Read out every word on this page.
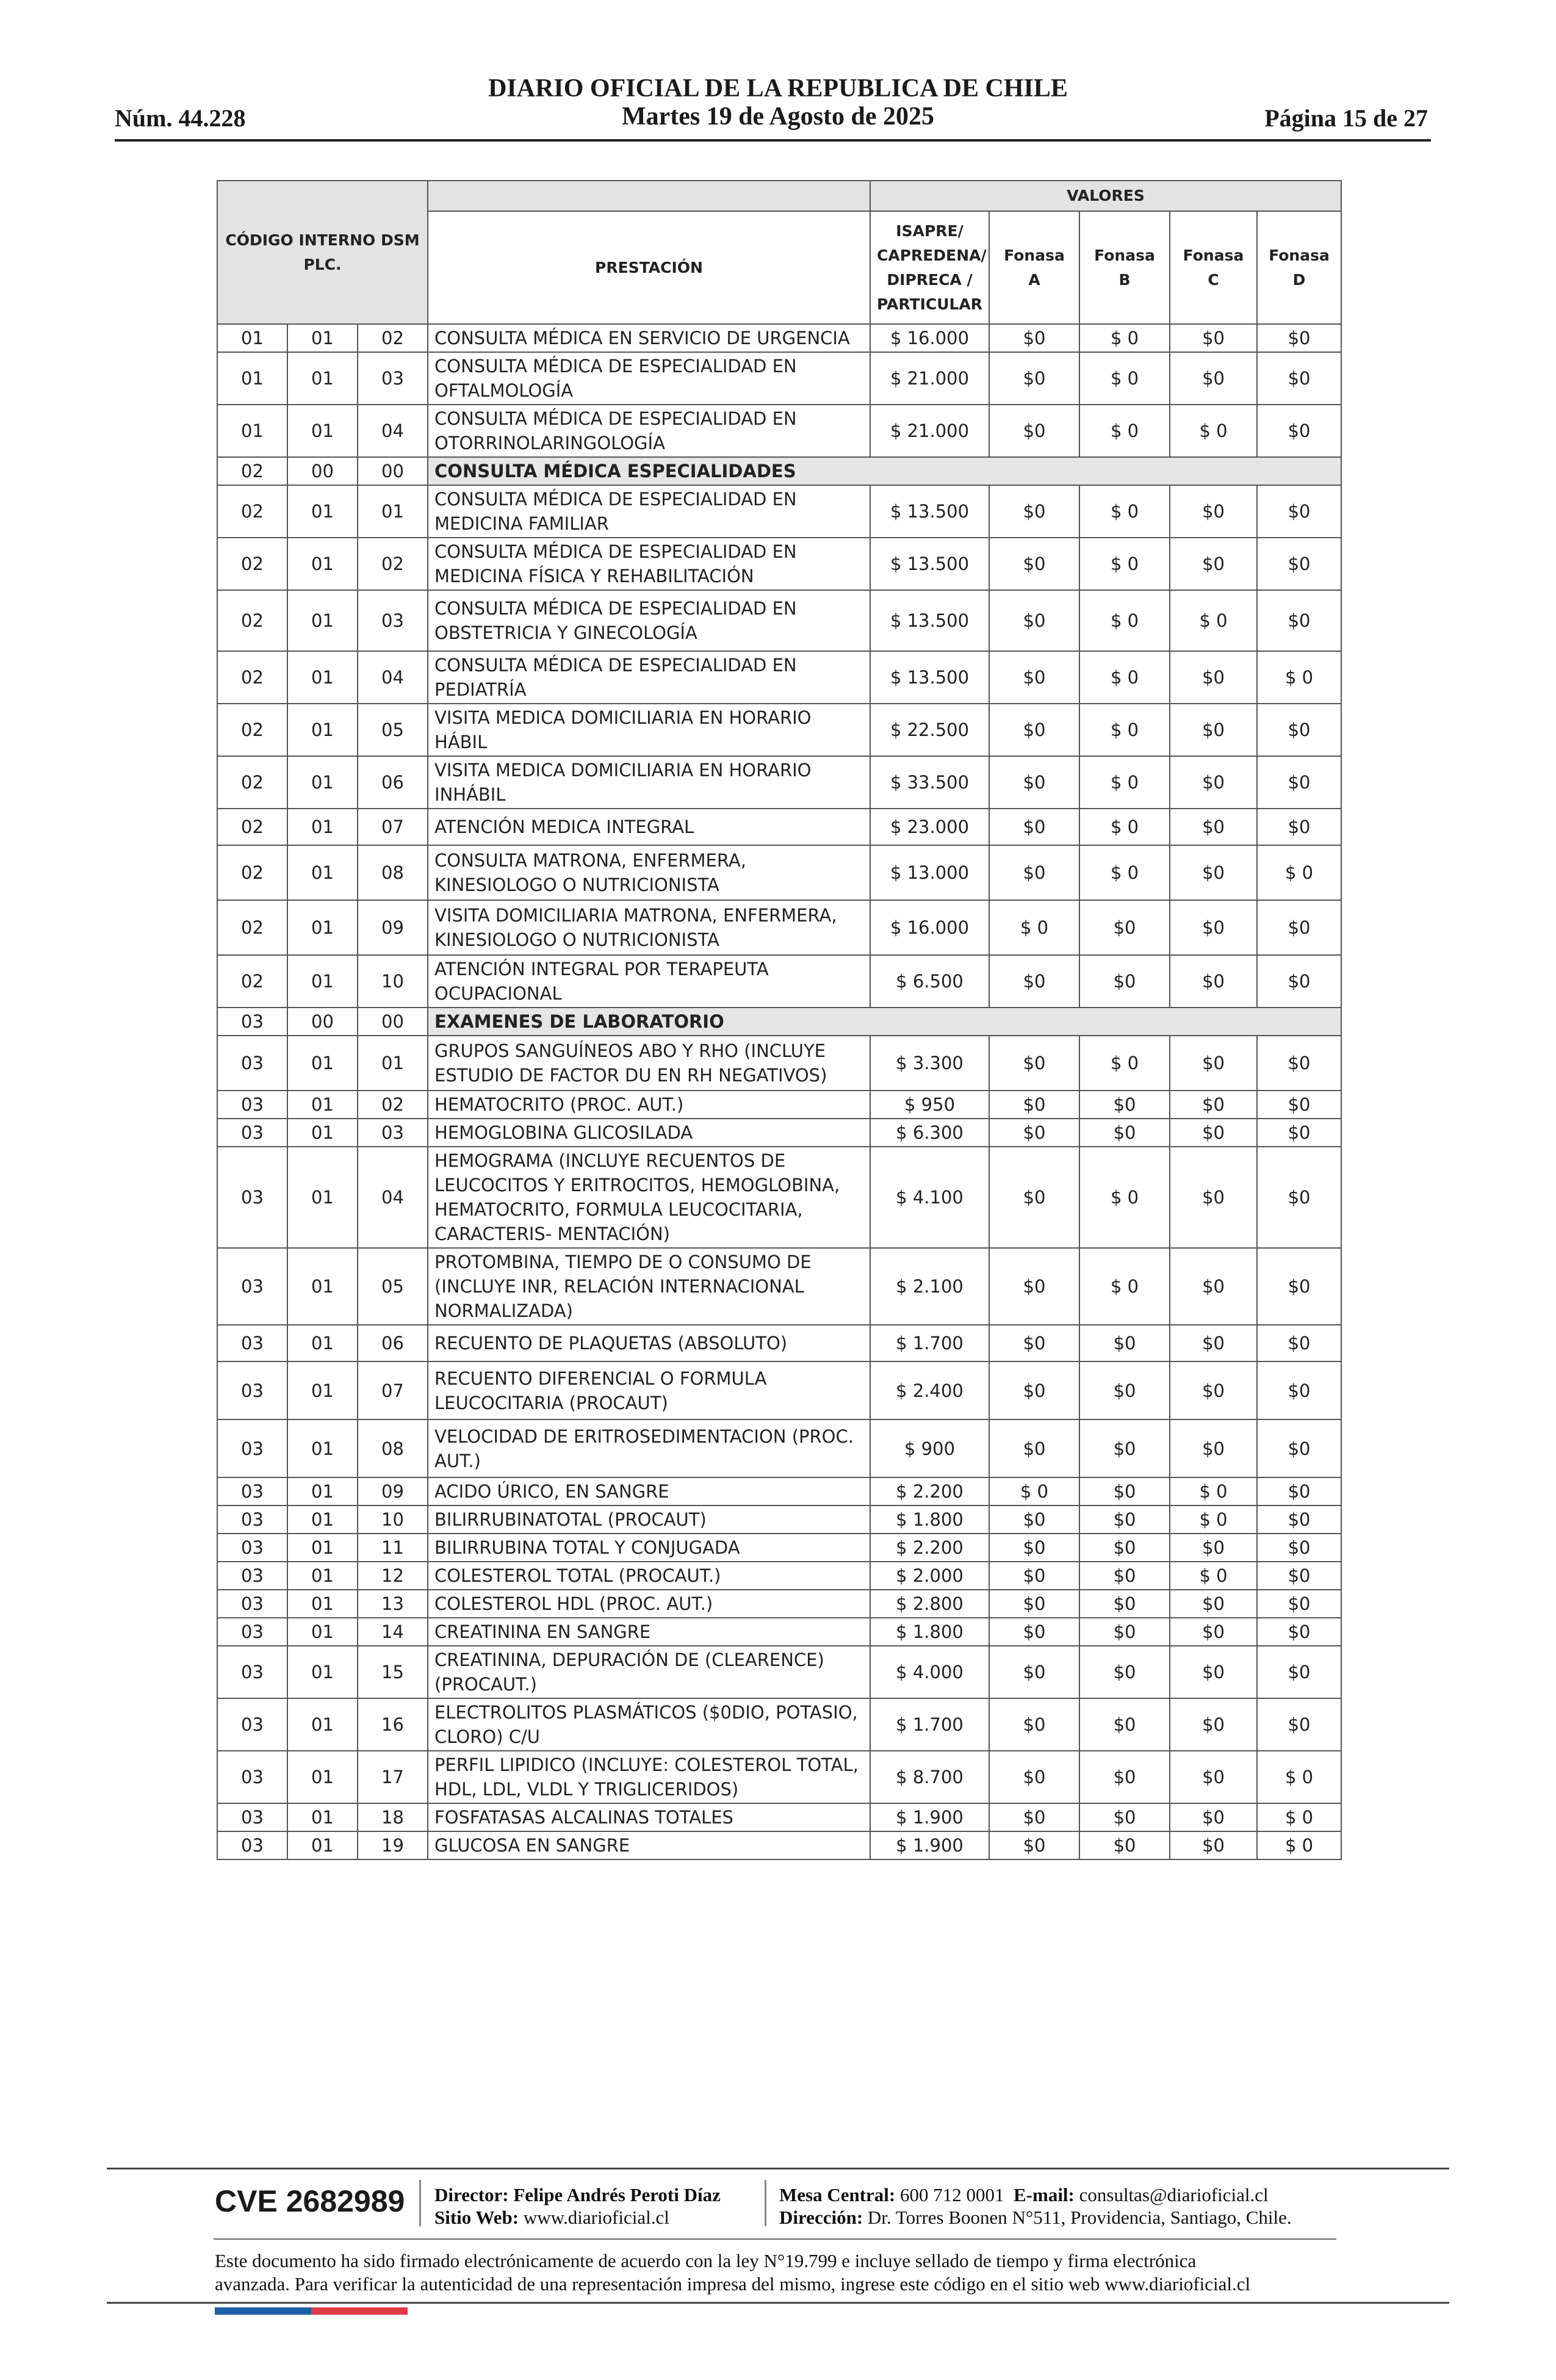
DIARIO OFICIAL DE LA REPUBLICA DE CHILE
Martes 19 de Agosto de 2025
Núm. 44.228	Página 15 de 27
CÓDIGO INTERNO DSM PLC.				VALORES				
			PRESTACIÓN	ISAPRE/ CAPREDENA/ DIPRECA / PARTICULAR	Fonasa A	Fonasa B	Fonasa C	Fonasa D
01	01	02	CONSULTA MÉDICA EN SERVICIO DE URGENCIA	$ 16.000	$0	$ 0	$0	$0
01	01	03	CONSULTA MÉDICA DE ESPECIALIDAD EN OFTALMOLOGÍA	$ 21.000	$0	$ 0	$0	$0
01	01	04	CONSULTA MÉDICA DE ESPECIALIDAD EN OTORRINOLARINGOLOGÍA	$ 21.000	$0	$ 0	$ 0	$0
02	00	00	CONSULTA MÉDICA ESPECIALIDADES					
02	01	01	CONSULTA MÉDICA DE ESPECIALIDAD EN MEDICINA FAMILIAR	$ 13.500	$0	$ 0	$0	$0
02	01	02	CONSULTA MÉDICA DE ESPECIALIDAD EN MEDICINA FÍSICA Y REHABILITACIÓN	$ 13.500	$0	$ 0	$0	$0
02	01	03	CONSULTA MÉDICA DE ESPECIALIDAD EN OBSTETRICIA Y GINECOLOGÍA	$ 13.500	$0	$ 0	$ 0	$0
02	01	04	CONSULTA MÉDICA DE ESPECIALIDAD EN PEDIATRÍA	$ 13.500	$0	$ 0	$0	$ 0
02	01	05	VISITA MEDICA DOMICILIARIA EN HORARIO HÁBIL	$ 22.500	$0	$ 0	$0	$0
02	01	06	VISITA MEDICA DOMICILIARIA EN HORARIO INHÁBIL	$ 33.500	$0	$ 0	$0	$0
02	01	07	ATENCIÓN MEDICA INTEGRAL	$ 23.000	$0	$ 0	$0	$0
02	01	08	CONSULTA MATRONA, ENFERMERA, KINESIOLOGO O NUTRICIONISTA	$ 13.000	$0	$ 0	$0	$ 0
02	01	09	VISITA DOMICILIARIA MATRONA, ENFERMERA, KINESIOLOGO O NUTRICIONISTA	$ 16.000	$ 0	$0	$0	$0
02	01	10	ATENCIÓN INTEGRAL POR TERAPEUTA OCUPACIONAL	$ 6.500	$0	$0	$0	$0
03	00	00	EXAMENES DE LABORATORIO					
03	01	01	GRUPOS SANGUÍNEOS ABO Y RHO (INCLUYE ESTUDIO DE FACTOR DU EN RH NEGATIVOS)	$ 3.300	$0	$ 0	$0	$0
03	01	02	HEMATOCRITO (PROC. AUT.)	$ 950	$0	$0	$0	$0
03	01	03	HEMOGLOBINA GLICOSILADA	$ 6.300	$0	$0	$0	$0
03	01	04	HEMOGRAMA (INCLUYE RECUENTOS DE LEUCOCITOS Y ERITROCITOS, HEMOGLOBINA, HEMATOCRITO, FORMULA LEUCOCITARIA, CARACTERIS- MENTACIÓN)	$ 4.100	$0	$ 0	$0	$0
03	01	05	PROTOMBINA, TIEMPO DE O CONSUMO DE (INCLUYE INR, RELACIÓN INTERNACIONAL NORMALIZADA)	$ 2.100	$0	$ 0	$0	$0
03	01	06	RECUENTO DE PLAQUETAS (ABSOLUTO)	$ 1.700	$0	$0	$0	$0
03	01	07	RECUENTO DIFERENCIAL O FORMULA LEUCOCITARIA (PROCAUT)	$ 2.400	$0	$0	$0	$0
03	01	08	VELOCIDAD DE ERITROSEDIMENTACION (PROC. AUT.)	$ 900	$0	$0	$0	$0
03	01	09	ACIDO ÚRICO, EN SANGRE	$ 2.200	$ 0	$0	$ 0	$0
03	01	10	BILIRRUBINATOTAL (PROCAUT)	$ 1.800	$0	$0	$ 0	$0
03	01	11	BILIRRUBINA TOTAL Y CONJUGADA	$ 2.200	$0	$0	$0	$0
03	01	12	COLESTEROL TOTAL (PROCAUT.)	$ 2.000	$0	$0	$ 0	$0
03	01	13	COLESTEROL HDL (PROC. AUT.)	$ 2.800	$0	$0	$0	$0
03	01	14	CREATININA EN SANGRE	$ 1.800	$0	$0	$0	$0
03	01	15	CREATININA, DEPURACIÓN DE (CLEARENCE) (PROCAUT.)	$ 4.000	$0	$0	$0	$0
03	01	16	ELECTROLITOS PLASMÁTICOS ($0DIO, POTASIO, CLORO) C/U	$ 1.700	$0	$0	$0	$0
03	01	17	PERFIL LIPIDICO (INCLUYE: COLESTEROL TOTAL, HDL, LDL, VLDL Y TRIGLICERIDOS)	$ 8.700	$0	$0	$0	$ 0
03	01	18	FOSFATASAS ALCALINAS TOTALES	$ 1.900	$0	$0	$0	$ 0
03	01	19	GLUCOSA EN SANGRE	$ 1.900	$0	$0	$0	$ 0
CVE 2682989 Director: Felipe Andrés Peroti Díaz
Sitio Web: www.diarioficial.cl
Mesa Central: 600 712 0001 E-mail: consultas@diarioficial.cl
Dirección: Dr. Torres Boonen N°511, Providencia, Santiago, Chile.
Este documento ha sido firmado electrónicamente de acuerdo con la ley N°19.799 e incluye sellado de tiempo y firma electrónica
avanzada. Para verificar la autenticidad de una representación impresa del mismo, ingrese este código en el sitio web www.diarioficial.cl
